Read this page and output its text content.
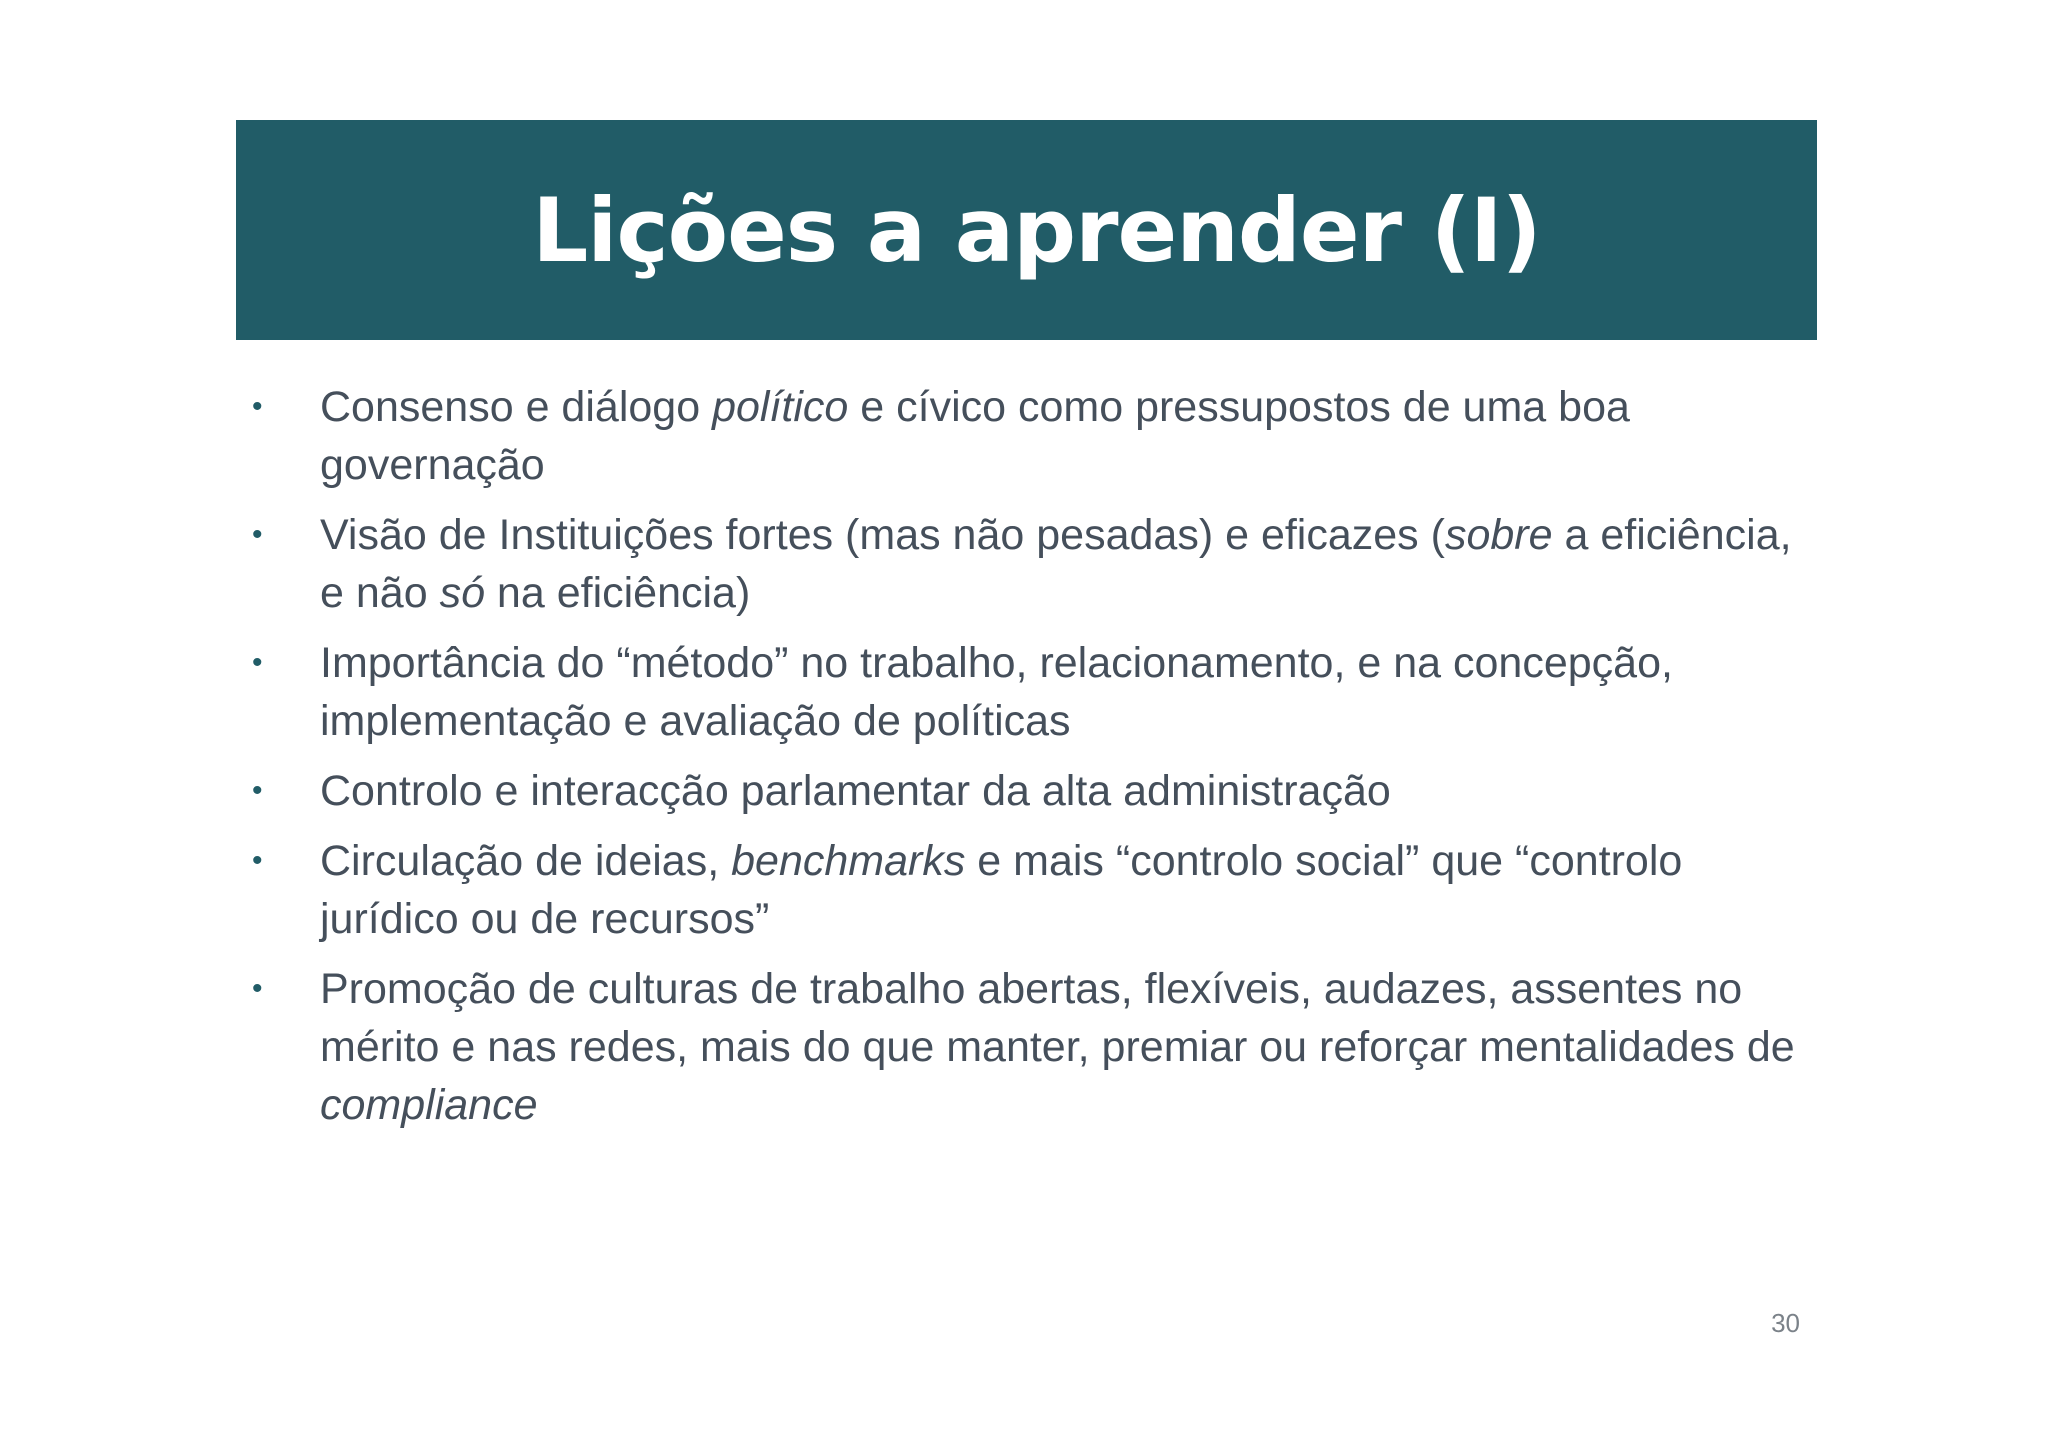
Lições a aprender (I)
•	Consenso e diálogo político e cívico como pressupostos de uma boa governação
•	Visão de Instituições fortes (mas não pesadas) e eficazes (sobre a eficiência, e não só na eficiência)
•	Importância do “método” no trabalho, relacionamento, e na concepção, implementação e avaliação de políticas
•	Controlo e interacção parlamentar da alta administração
•	Circulação de ideias, benchmarks e mais “controlo social” que “controlo jurídico ou de recursos”
•	Promoção de culturas de trabalho abertas, flexíveis, audazes, assentes no mérito e nas redes, mais do que manter, premiar ou reforçar mentalidades de compliance
30
